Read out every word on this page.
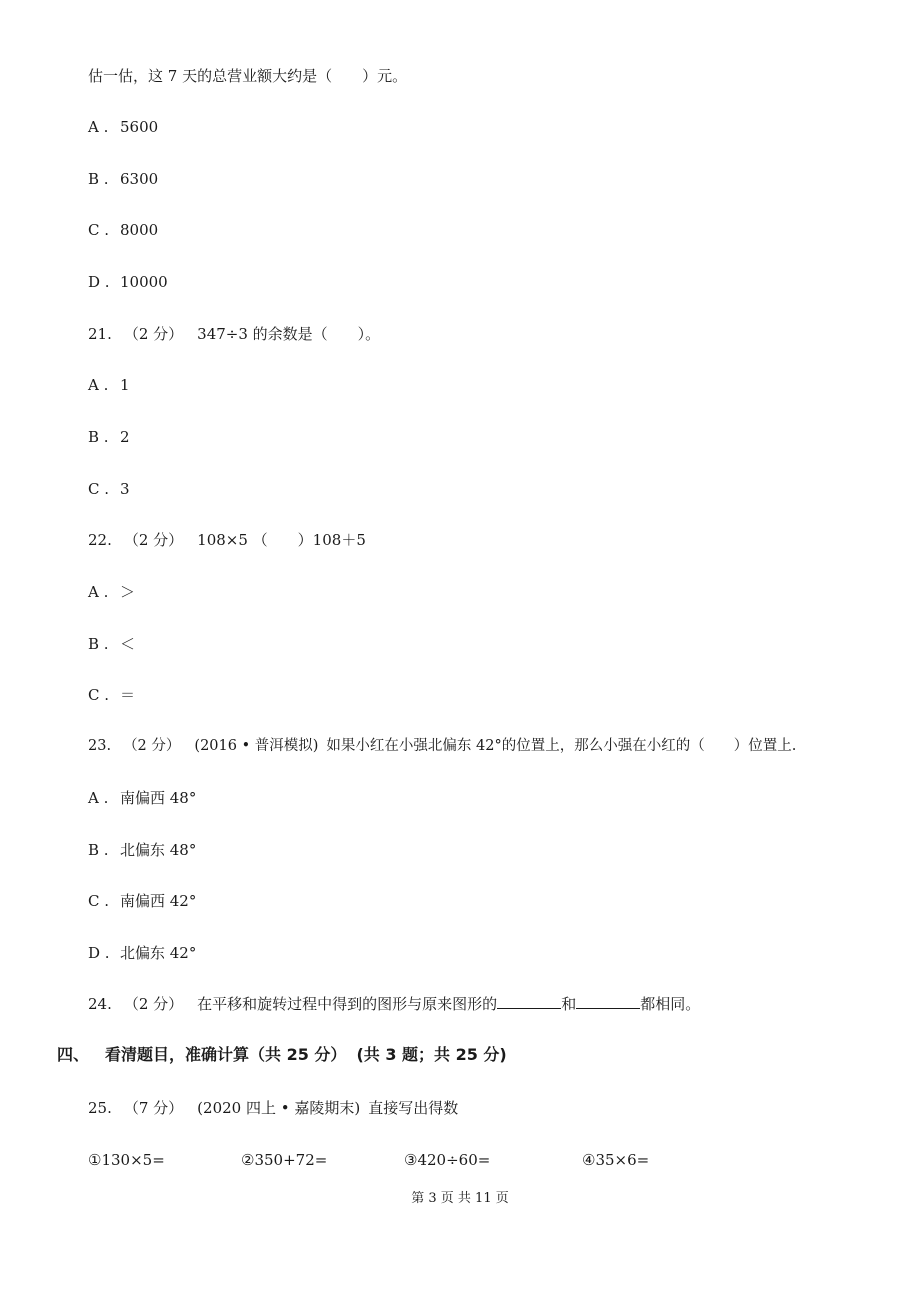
估一估，这 7 天的总营业额大约是（　　）元。
A . 5600
B . 6300
C . 8000
D . 10000
21. （2 分） 347÷3 的余数是（　　）。
A . 1
B . 2
C . 3
22. （2 分） 108×5 （　　）108＋5
A . ＞
B . ＜
C . ＝
23. （2 分） (2016 • 普洱模拟) 如果小红在小强北偏东 42°的位置上，那么小强在小红的（　　）位置上.
A . 南偏西 48°
B . 北偏东 48°
C . 南偏西 42°
D . 北偏东 42°
24. （2 分） 在平移和旋转过程中得到的图形与原来图形的	和	都相同。
四、 看清题目，准确计算（共 25 分） (共 3 题；共 25 分)
25. （7 分） (2020 四上 • 嘉陵期末) 直接写出得数
①130×5=	②350+72=	③420÷60=	④35×6=
第 3 页 共 11 页
